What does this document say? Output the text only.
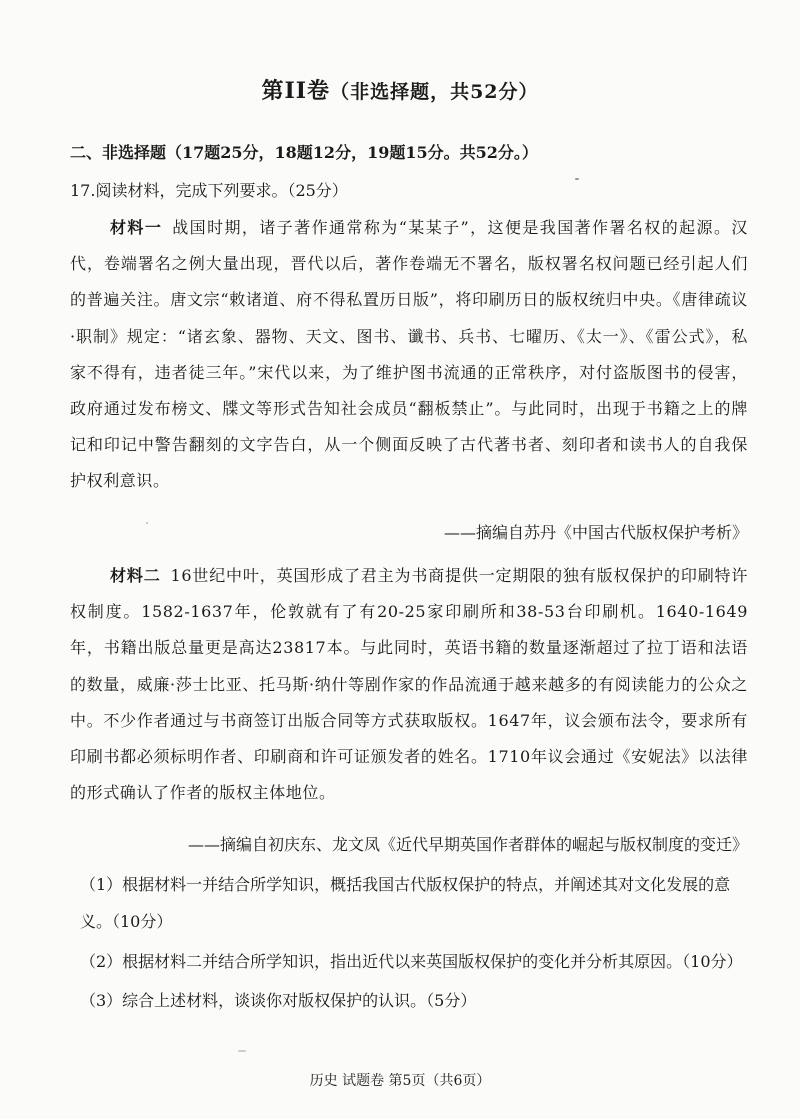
第II卷（非选择题，共52分）
二、非选择题（17题25分，18题12分，19题15分。共52分。）
17.阅读材料，完成下列要求。（25分）
材料一 战国时期，诸子著作通常称为“某某子”，这便是我国著作署名权的起源。汉代，卷端署名之例大量出现，晋代以后，著作卷端无不署名，版权署名权问题已经引起人们的普遍关注。唐文宗“敕诸道、府不得私置历日版”，将印刷历日的版权统归中央。《唐律疏议·职制》规定：“诸玄象、器物、天文、图书、谶书、兵书、七曜历、《太一》、《雷公式》，私家不得有，违者徒三年。”宋代以来，为了维护图书流通的正常秩序，对付盗版图书的侵害，政府通过发布榜文、牒文等形式告知社会成员“翻板禁止”。与此同时，出现于书籍之上的牌记和印记中警告翻刻的文字告白，从一个侧面反映了古代著书者、刻印者和读书人的自我保护权利意识。
——摘编自苏丹《中国古代版权保护考析》
材料二 16世纪中叶，英国形成了君主为书商提供一定期限的独有版权保护的印刷特许权制度。1582-1637年，伦敦就有了有20-25家印刷所和38-53台印刷机。1640-1649年，书籍出版总量更是高达23817本。与此同时，英语书籍的数量逐渐超过了拉丁语和法语的数量，威廉·莎士比亚、托马斯·纳什等剧作家的作品流通于越来越多的有阅读能力的公众之中。不少作者通过与书商签订出版合同等方式获取版权。1647年，议会颁布法令，要求所有印刷书都必须标明作者、印刷商和许可证颁发者的姓名。1710年议会通过《安妮法》以法律的形式确认了作者的版权主体地位。
——摘编自初庆东、龙文凤《近代早期英国作者群体的崛起与版权制度的变迁》
（1）根据材料一并结合所学知识，概括我国古代版权保护的特点，并阐述其对文化发展的意义。（10分）
（2）根据材料二并结合所学知识，指出近代以来英国版权保护的变化并分析其原因。（10分）
（3）综合上述材料，谈谈你对版权保护的认识。（5分）
历史 试题卷 第5页（共6页）
